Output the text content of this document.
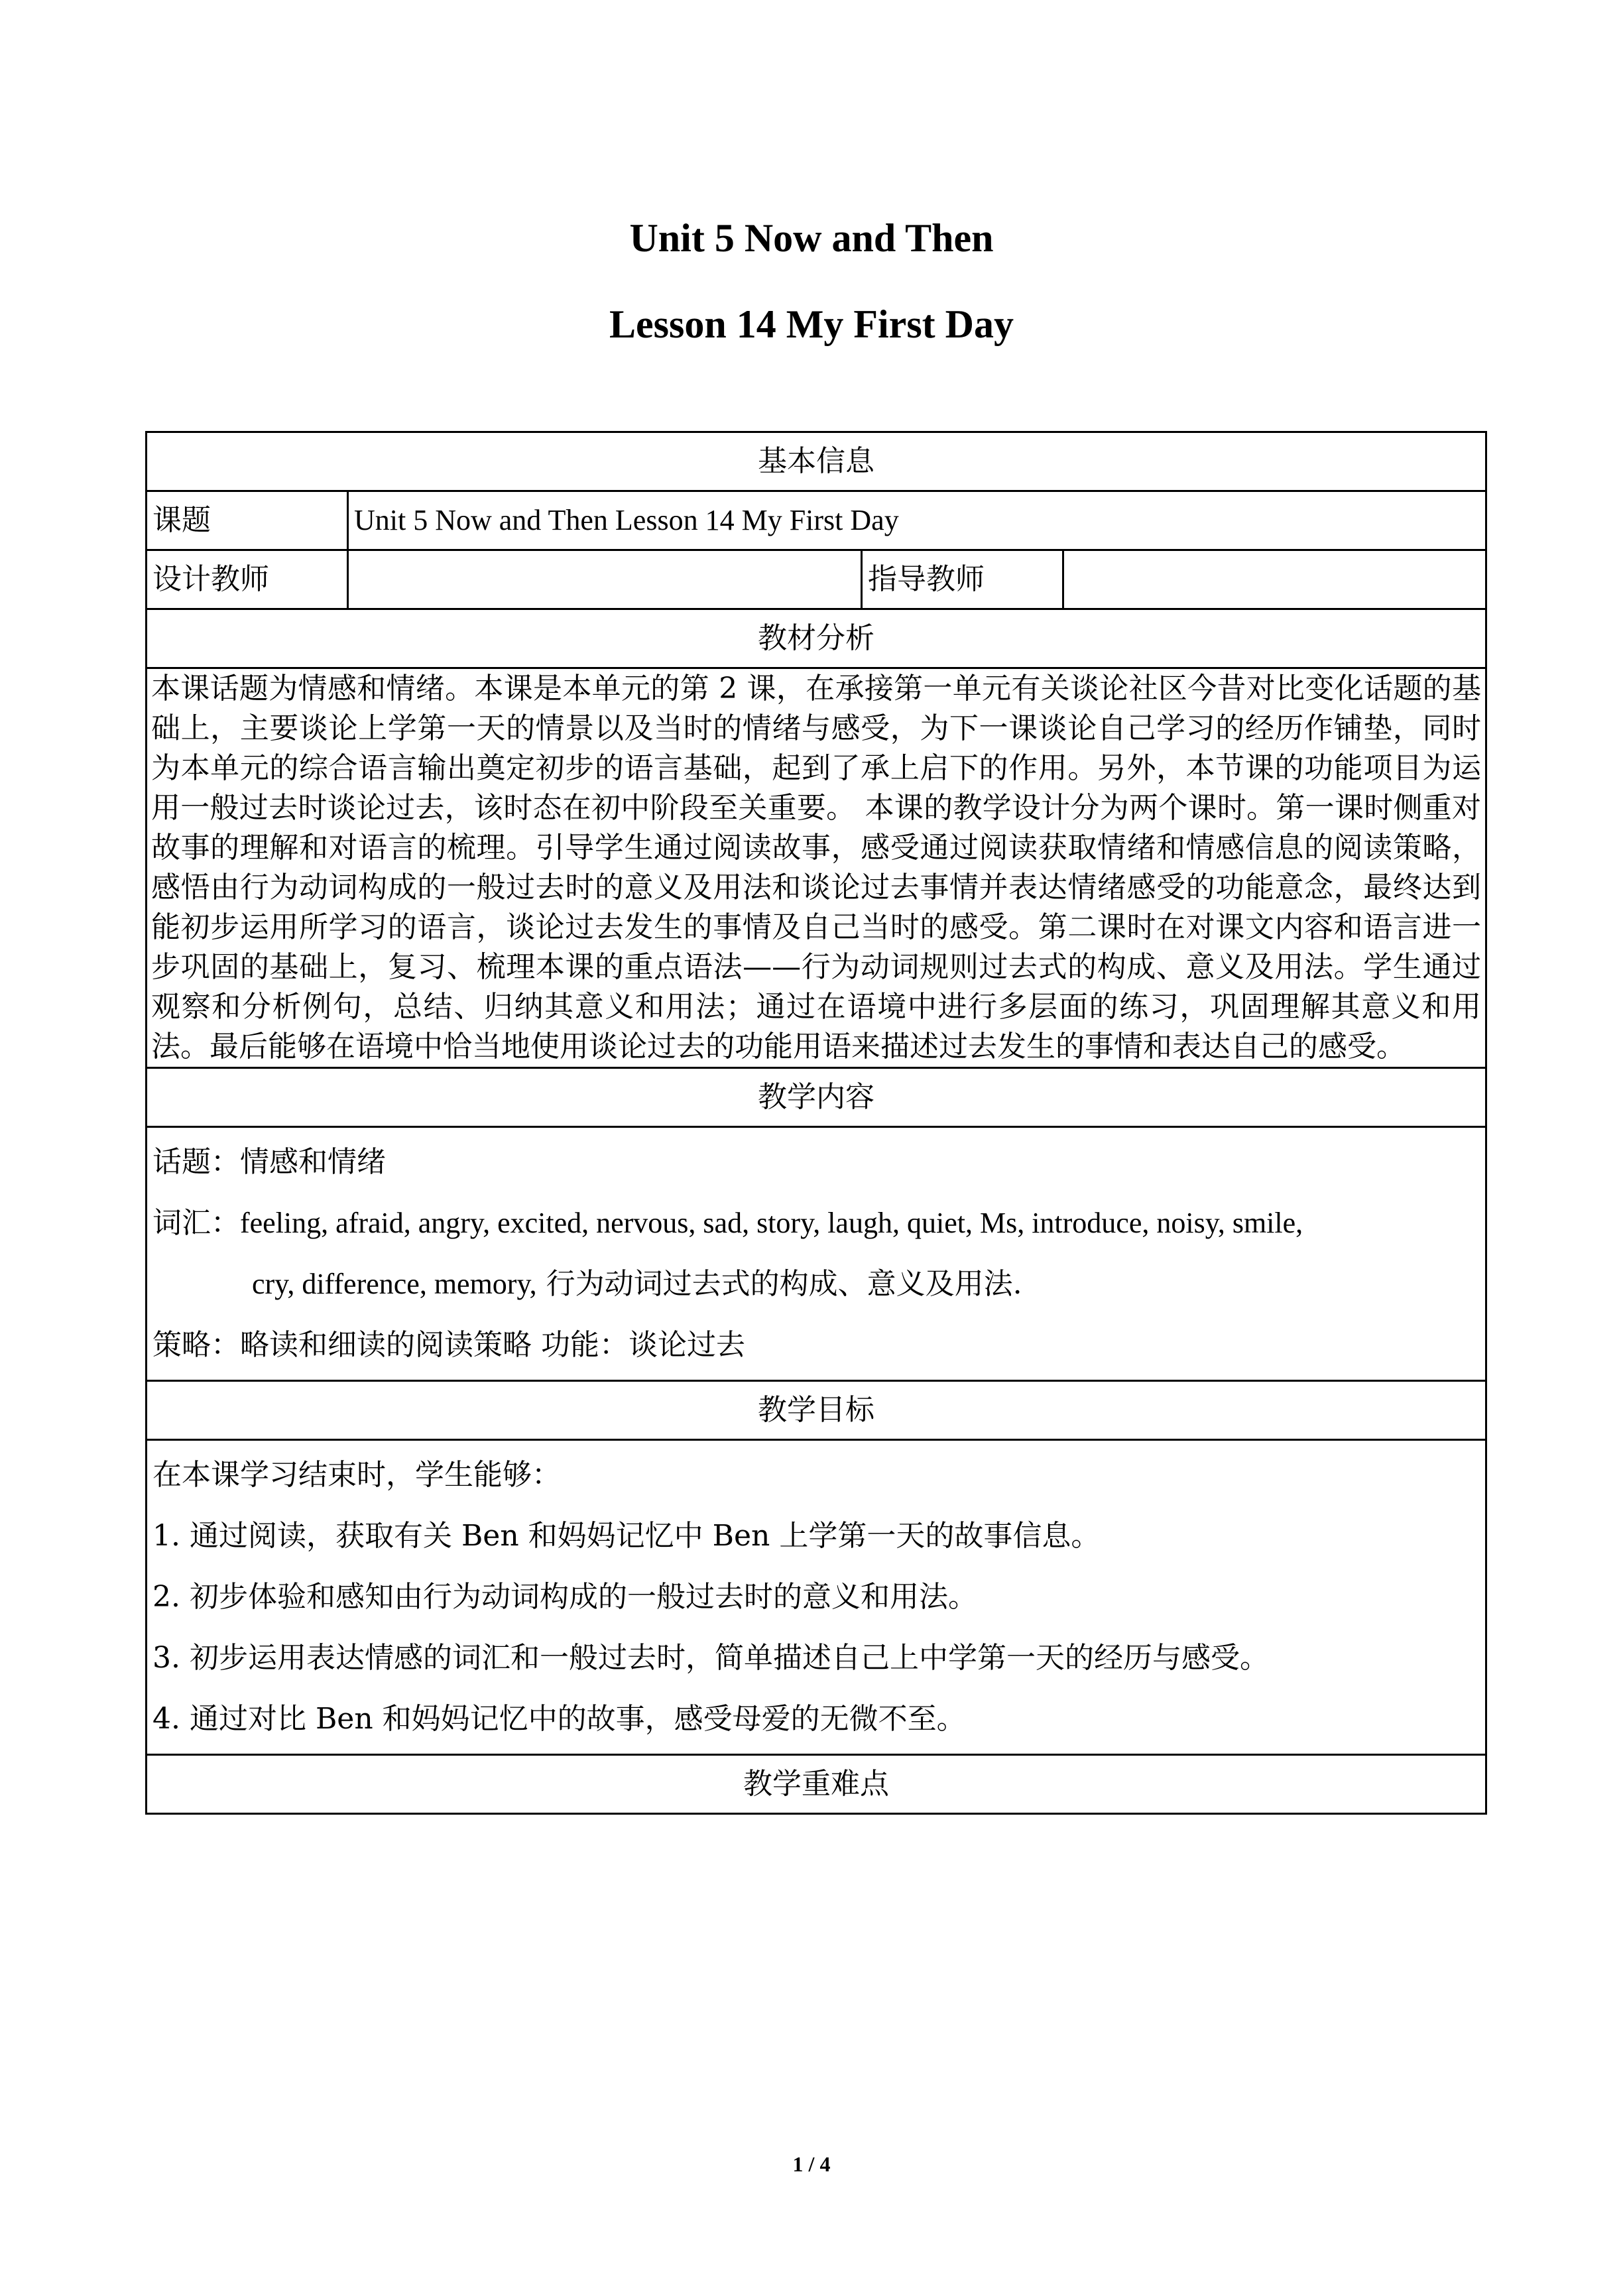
Unit 5 Now and Then
Lesson 14 My First Day
基本信息			
课题	Unit 5 Now and Then Lesson 14 My First Day		
设计教师		指导教师	
教材分析			

本课话题为情感和情绪。本课是本单元的第 2 课，在承接第一单元有关谈论社区今昔对比变化话题的基础上，主要谈论上学第一天的情景以及当时的情绪与感受，为下一课谈论自己学习的经历作铺垫，同时为本单元的综合语言输出奠定初步的语言基础，起到了承上启下的作用。另外，本节课的功能项目为运用一般过去时谈论过去，该时态在初中阶段至关重要。 本课的教学设计分为两个课时。第一课时侧重对故事的理解和对语言的梳理。引导学生通过阅读故事，感受通过阅读获取情绪和情感信息的阅读策略，感悟由行为动词构成的一般过去时的意义及用法和谈论过去事情并表达情绪感受的功能意念，最终达到能初步运用所学习的语言，谈论过去发生的事情及自己当时的感受。第二课时在对课文内容和语言进一步巩固的基础上，复习、梳理本课的重点语法——行为动词规则过去式的构成、意义及用法。学生通过观察和分析例句，总结、归纳其意义和用法；通过在语境中进行多层面的练习，巩固理解其意义和用法。最后能够在语境中恰当地使用谈论过去的功能用语来描述过去发生的事情和表达自己的感受。			

教学内容			

话题：情感和情绪
词汇：feeling, afraid, angry, excited, nervous, sad, story, laugh, quiet, Ms, introduce, noisy, smile,
cry, difference, memory, 行为动词过去式的构成、意义及用法.
策略：略读和细读的阅读策略 功能：谈论过去			

教学目标			

在本课学习结束时，学生能够：
1. 通过阅读，获取有关 Ben 和妈妈记忆中 Ben 上学第一天的故事信息。
2. 初步体验和感知由行为动词构成的一般过去时的意义和用法。
3. 初步运用表达情感的词汇和一般过去时，简单描述自己上中学第一天的经历与感受。
4. 通过对比 Ben 和妈妈记忆中的故事，感受母爱的无微不至。			

教学重难点			
1 / 4
